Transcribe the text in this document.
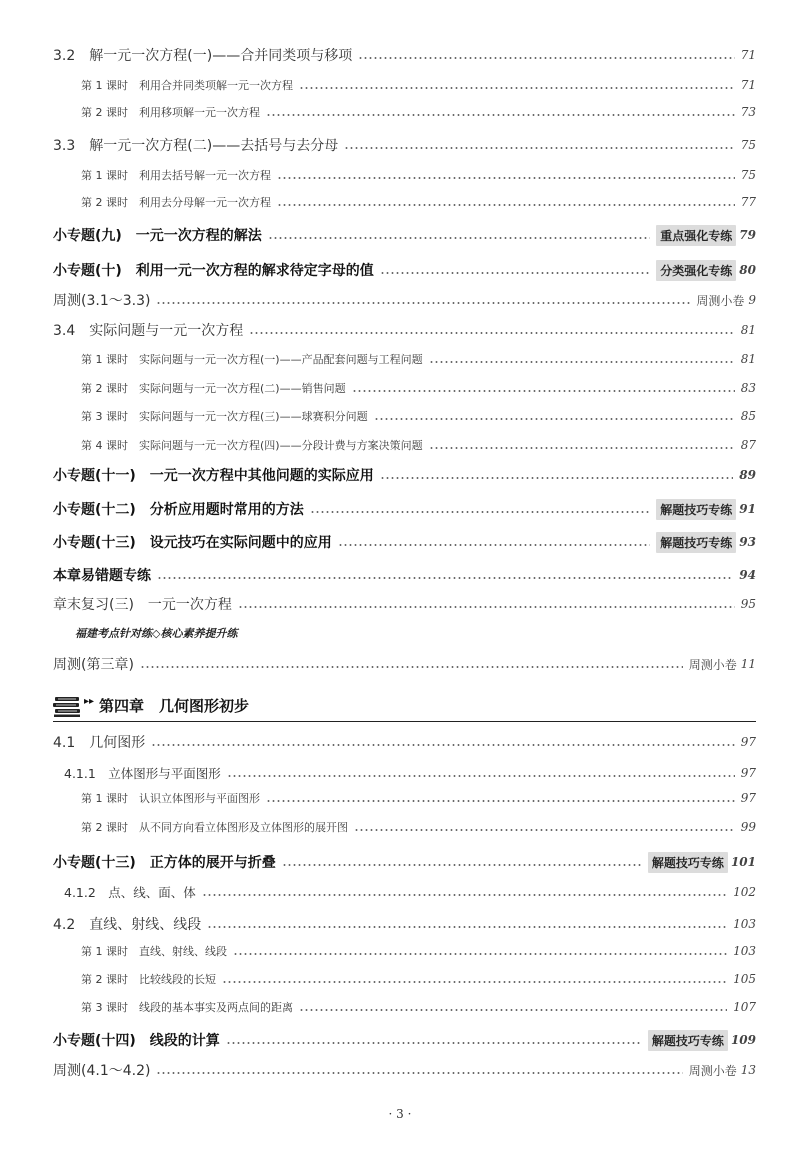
3.2　解一元一次方程(一)——合并同类项与移项	71
第 1 课时　利用合并同类项解一元一次方程	71
第 2 课时　利用移项解一元一次方程	73
3.3　解一元一次方程(二)——去括号与去分母	75
第 1 课时　利用去括号解一元一次方程	75
第 2 课时　利用去分母解一元一次方程	77
小专题(九)　一元一次方程的解法	重点强化专练 79
小专题(十)　利用一元一次方程的解求待定字母的值	分类强化专练 80
周测(3.1～3.3)	周测小卷 9
3.4　实际问题与一元一次方程	81
第 1 课时　实际问题与一元一次方程(一)——产品配套问题与工程问题	81
第 2 课时　实际问题与一元一次方程(二)——销售问题	83
第 3 课时　实际问题与一元一次方程(三)——球赛积分问题	85
第 4 课时　实际问题与一元一次方程(四)——分段计费与方案决策问题	87
小专题(十一)　一元一次方程中其他问题的实际应用	89
小专题(十二)　分析应用题时常用的方法	解题技巧专练 91
小专题(十三)　设元技巧在实际问题中的应用	解题技巧专练 93
本章易错题专练	94
章末复习(三)　一元一次方程	95
福建考点针对练◇核心素养提升练
周测(第三章)	周测小卷 11
4.1　几何图形	97
4.1.1　立体图形与平面图形	97
第 1 课时　认识立体图形与平面图形	97
第 2 课时　从不同方向看立体图形及立体图形的展开图	99
小专题(十三)　正方体的展开与折叠	解题技巧专练 101
4.1.2　点、线、面、体	102
4.2　直线、射线、线段	103
第 1 课时　直线、射线、线段	103
第 2 课时　比较线段的长短	105
第 3 课时　线段的基本事实及两点间的距离	107
小专题(十四)　线段的计算	解题技巧专练 109
周测(4.1～4.2)	周测小卷 13
▸▸ 第四章　几何图形初步
· 3 ·
